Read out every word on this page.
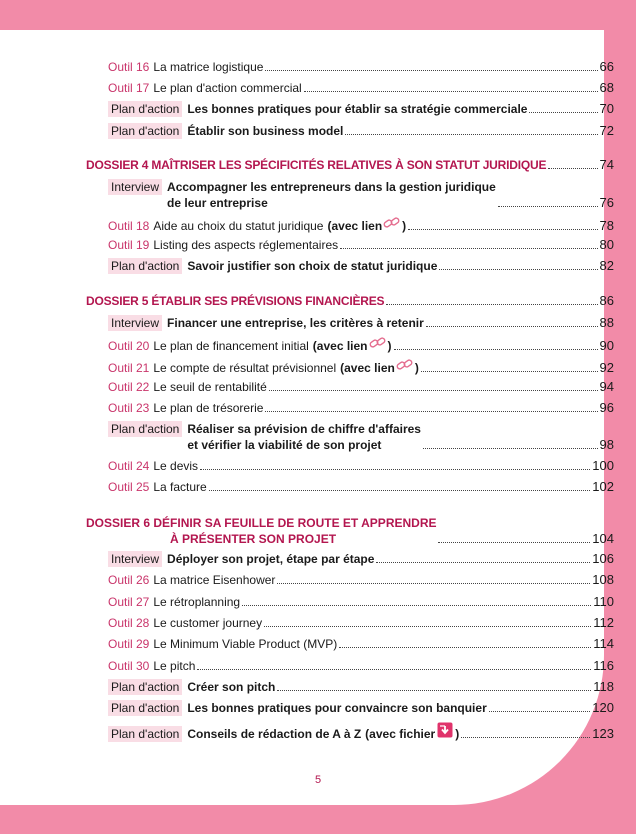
Outil 16 La matrice logistique	66
Outil 17 Le plan d'action commercial	68
Plan d'action Les bonnes pratiques pour établir sa stratégie commerciale	70
Plan d'action Établir son business model	72
DOSSIER 4 MAÎTRISER LES SPÉCIFICITÉS RELATIVES À SON STATUT JURIDIQUE	74
Interview Accompagner les entrepreneurs dans la gestion juridique
de leur entreprise	76
Outil 18 Aide au choix du statut juridique (avec lien )	78
Outil 19 Listing des aspects réglementaires	80
Plan d'action Savoir justifier son choix de statut juridique	82
DOSSIER 5 ÉTABLIR SES PRÉVISIONS FINANCIÈRES	86
Interview Financer une entreprise, les critères à retenir	88
Outil 20 Le plan de financement initial (avec lien )	90
Outil 21 Le compte de résultat prévisionnel (avec lien )	92
Outil 22 Le seuil de rentabilité	94
Outil 23 Le plan de trésorerie	96
Plan d'action Réaliser sa prévision de chiffre d'affaires
et vérifier la viabilité de son projet	98
Outil 24 Le devis	100
Outil 25 La facture	102
DOSSIER 6 DÉFINIR SA FEUILLE DE ROUTE ET APPRENDRE
À PRÉSENTER SON PROJET	104
Interview Déployer son projet, étape par étape	106
Outil 26 La matrice Eisenhower	108
Outil 27 Le rétroplanning	110
Outil 28 Le customer journey	112
Outil 29 Le Minimum Viable Product (MVP)	114
Outil 30 Le pitch	116
Plan d'action Créer son pitch	118
Plan d'action Les bonnes pratiques pour convaincre son banquier	120
Plan d'action Conseils de rédaction de A à Z (avec fichier )	123
5
